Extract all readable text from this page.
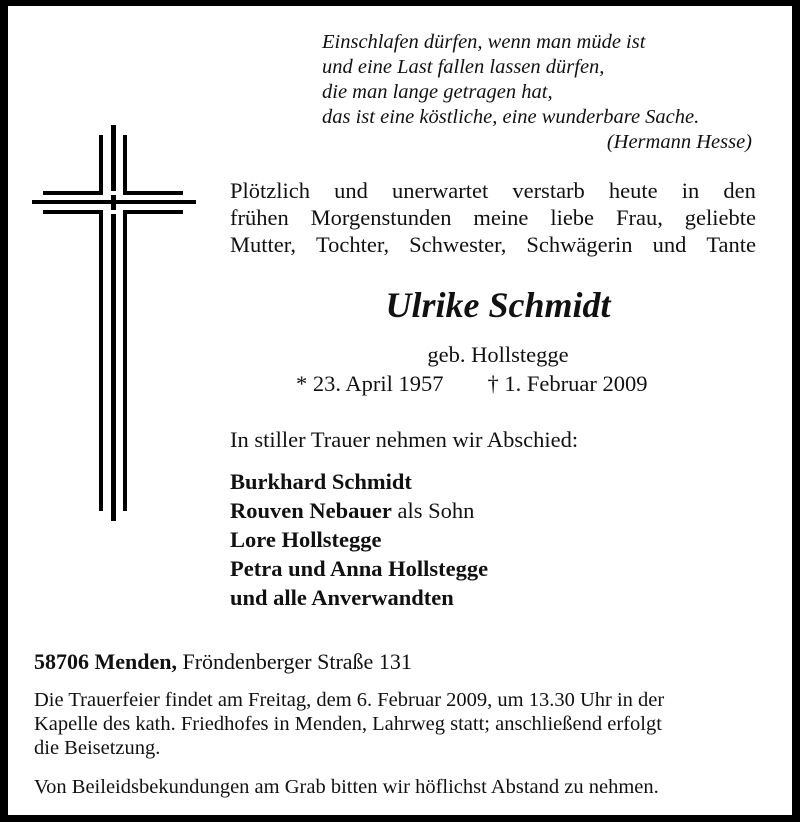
Einschlafen dürfen, wenn man müde ist
und eine Last fallen lassen dürfen,
die man lange getragen hat,
das ist eine köstliche, eine wunderbare Sache.
(Hermann Hesse)
Plötzlich und unerwartet verstarb heute in den
frühen Morgenstunden meine liebe Frau, geliebte
Mutter, Tochter, Schwester, Schwägerin und Tante
Ulrike Schmidt
geb. Hollstegge
* 23. April 1957 † 1. Februar 2009
In stiller Trauer nehmen wir Abschied:
Burkhard Schmidt
Rouven Nebauer als Sohn
Lore Hollstegge
Petra und Anna Hollstegge
und alle Anverwandten
58706 Menden, Fröndenberger Straße 131
Die Trauerfeier findet am Freitag, dem 6. Februar 2009, um 13.30 Uhr in der
Kapelle des kath. Friedhofes in Menden, Lahrweg statt; anschließend erfolgt
die Beisetzung.
Von Beileidsbekundungen am Grab bitten wir höflichst Abstand zu nehmen.
